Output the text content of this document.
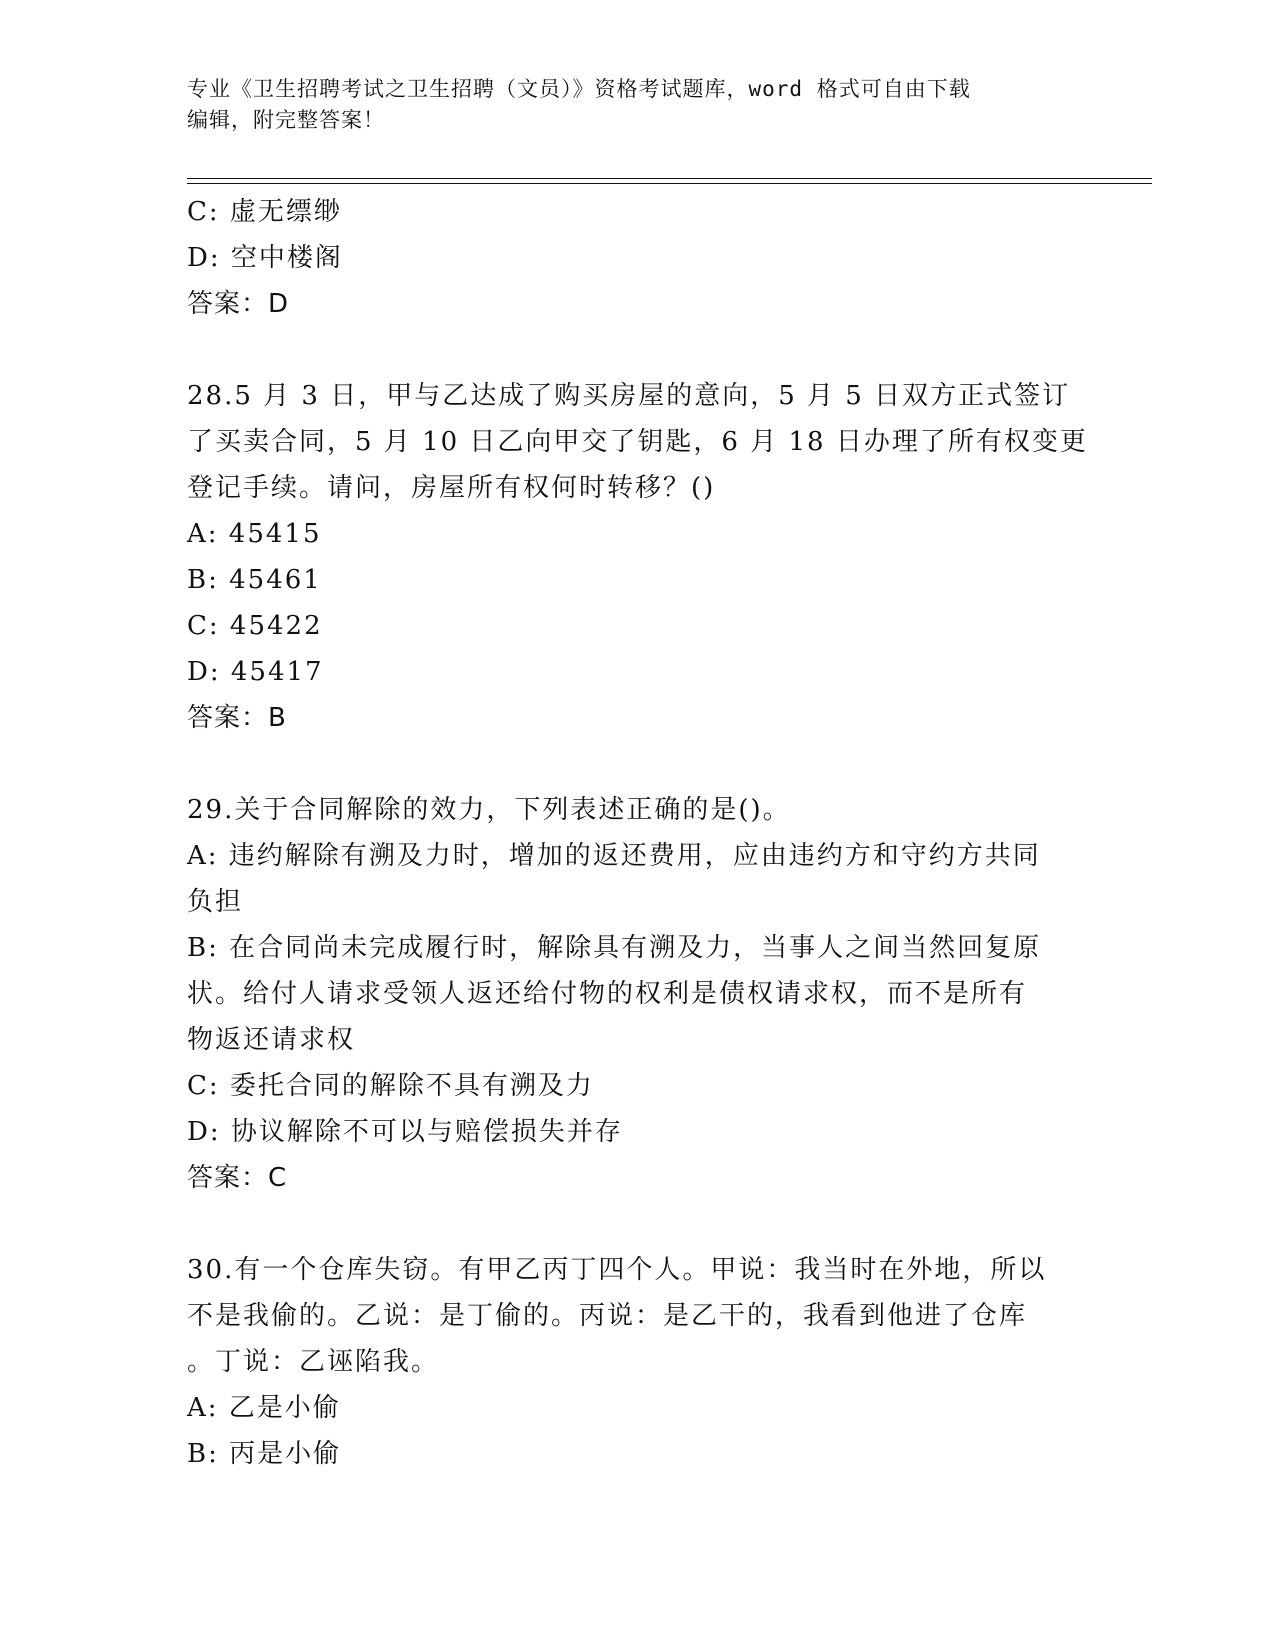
专业《卫生招聘考试之卫生招聘（文员）》资格考试题库，word 格式可自由下载
编辑，附完整答案！
C: 虚无缥缈
D: 空中楼阁
答案：D
28.5 月 3 日，甲与乙达成了购买房屋的意向，5 月 5 日双方正式签订
了买卖合同，5 月 10 日乙向甲交了钥匙，6 月 18 日办理了所有权变更
登记手续。请问，房屋所有权何时转移？()
A: 45415
B: 45461
C: 45422
D: 45417
答案：B
29.关于合同解除的效力，下列表述正确的是()。
A: 违约解除有溯及力时，增加的返还费用，应由违约方和守约方共同
负担
B: 在合同尚未完成履行时，解除具有溯及力，当事人之间当然回复原
状。给付人请求受领人返还给付物的权利是债权请求权，而不是所有
物返还请求权
C: 委托合同的解除不具有溯及力
D: 协议解除不可以与赔偿损失并存
答案：C
30.有一个仓库失窃。有甲乙丙丁四个人。甲说：我当时在外地，所以
不是我偷的。乙说：是丁偷的。丙说：是乙干的，我看到他进了仓库
。丁说：乙诬陷我。
A: 乙是小偷
B: 丙是小偷
